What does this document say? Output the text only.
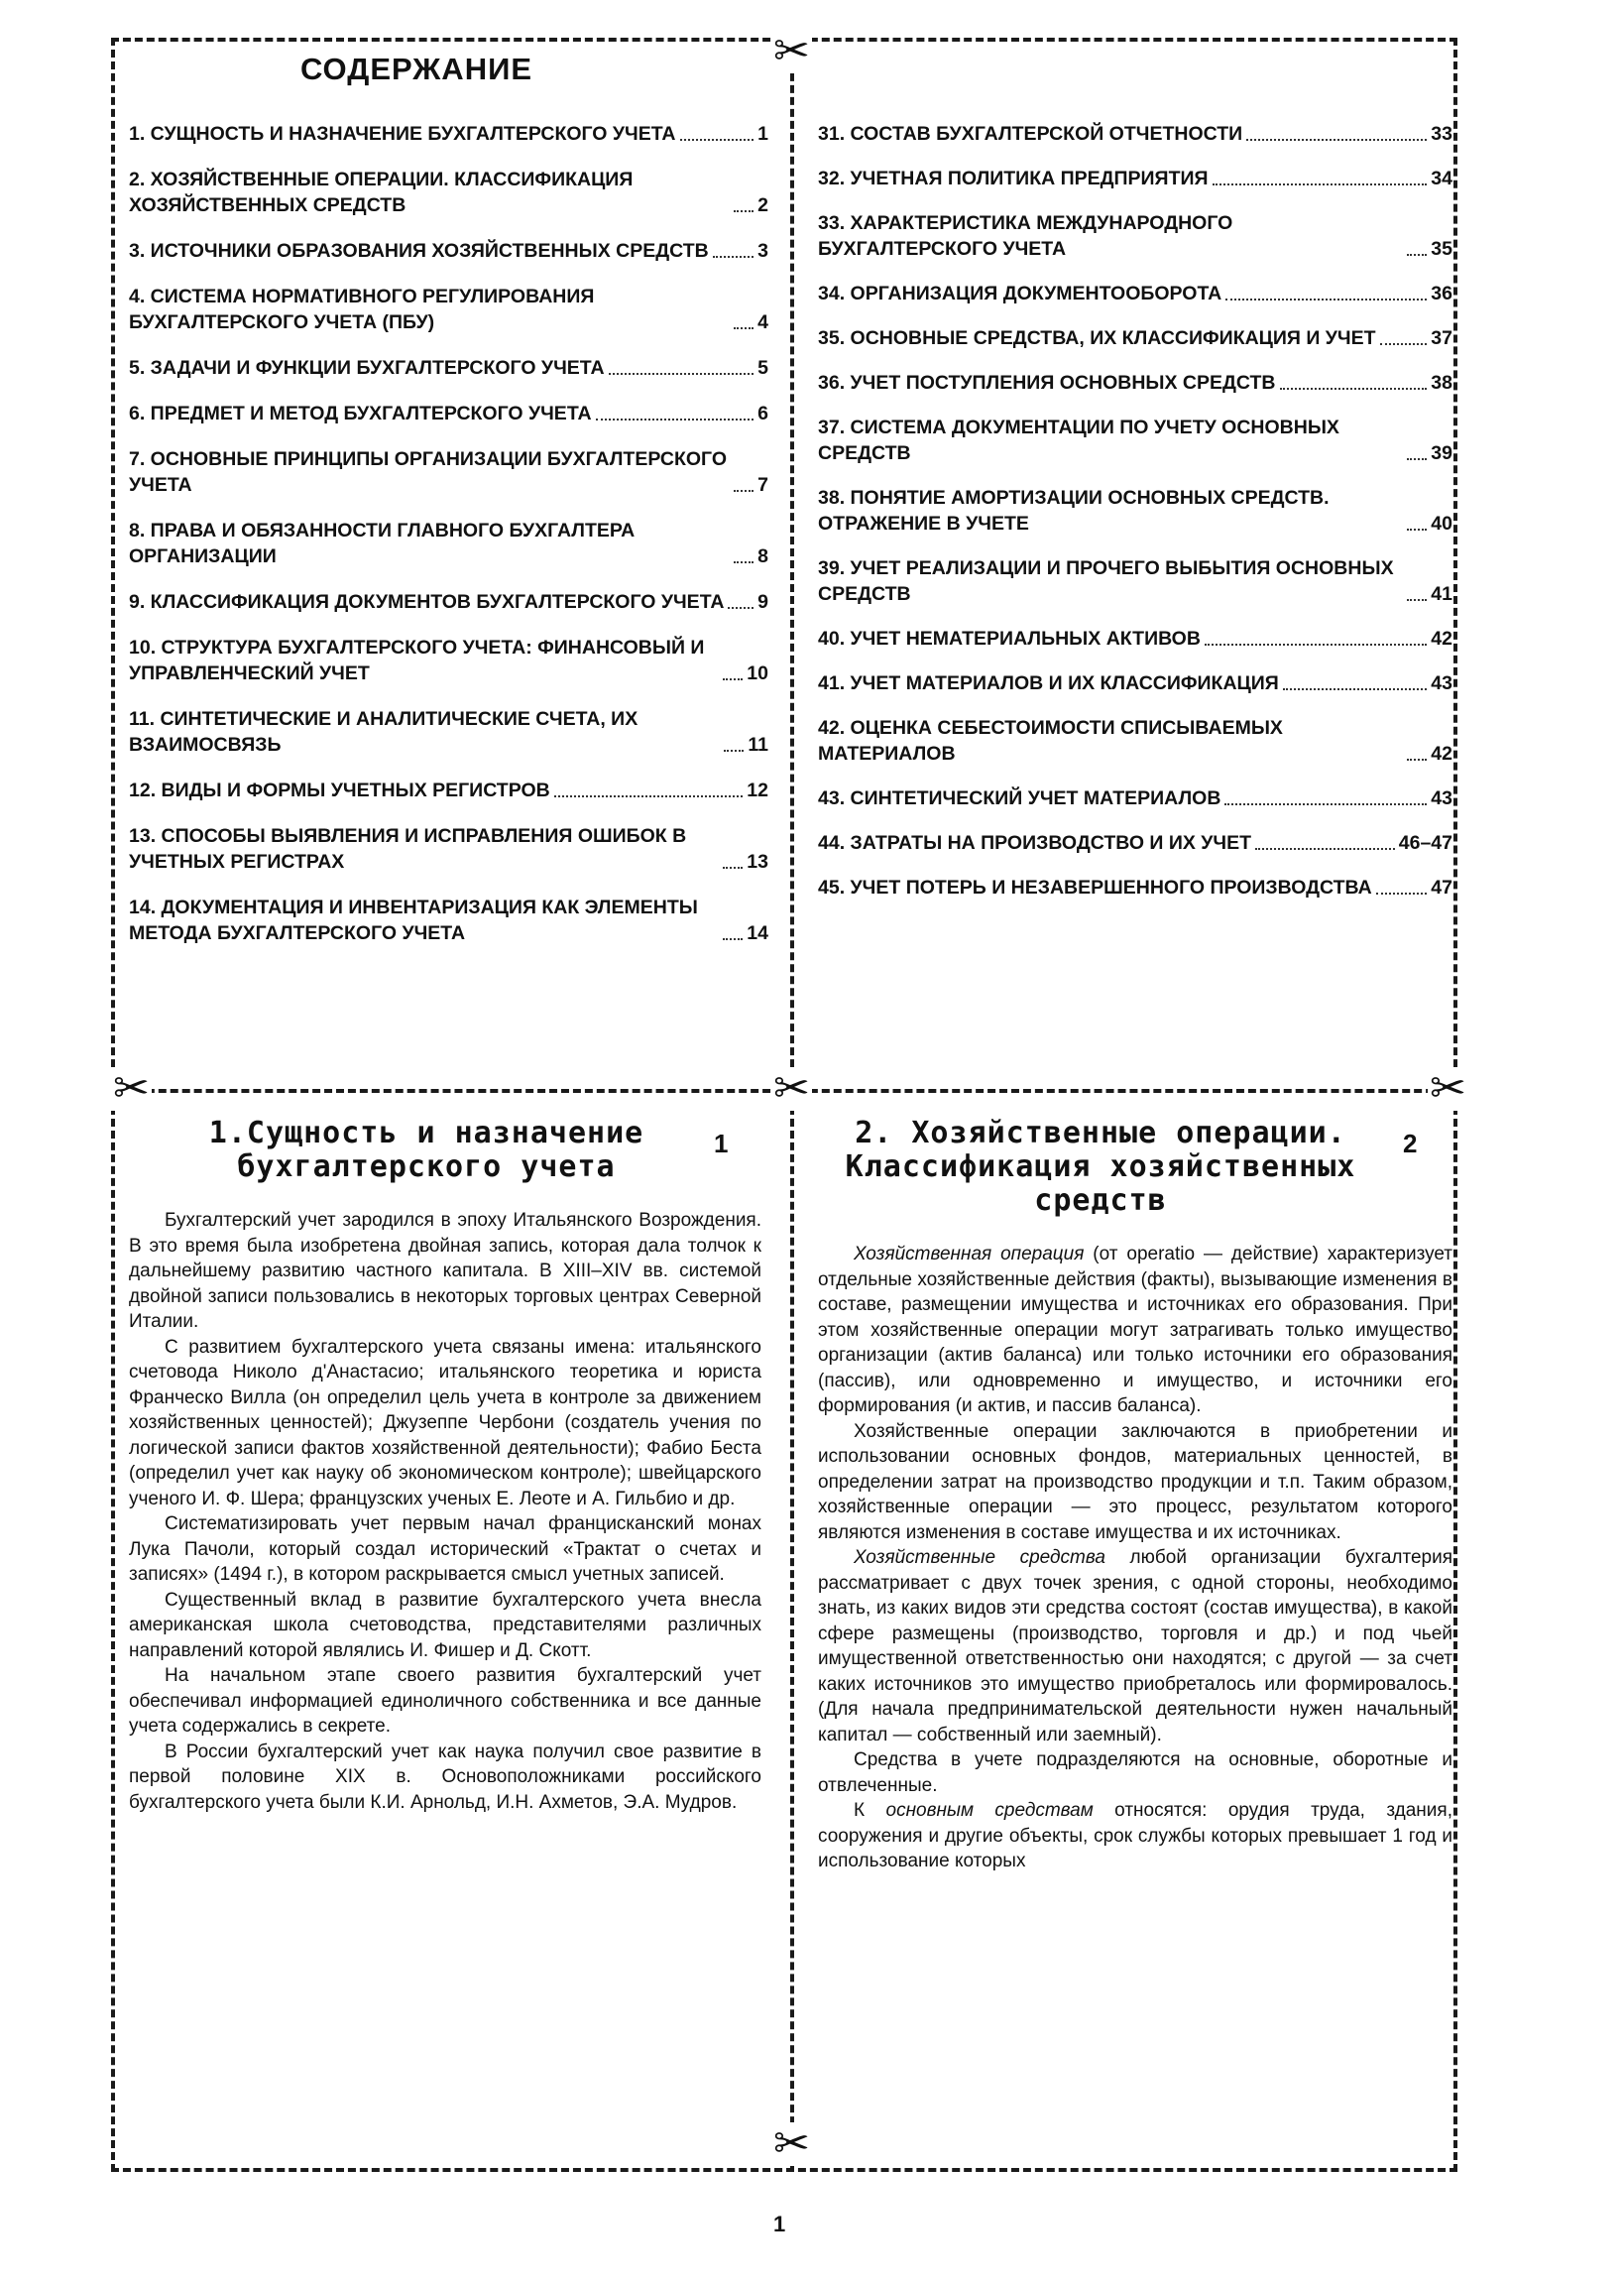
✂
✂	✂	✂
✂
СОДЕРЖАНИЕ
1. СУЩНОСТЬ И НАЗНАЧЕНИЕ БУХГАЛТЕРСКОГО УЧЕТА	1
2. ХОЗЯЙСТВЕННЫЕ ОПЕРАЦИИ. КЛАССИФИКАЦИЯ ХОЗЯЙСТВЕННЫХ СРЕДСТВ	2
3. ИСТОЧНИКИ ОБРАЗОВАНИЯ ХОЗЯЙСТВЕННЫХ СРЕДСТВ	3
4. СИСТЕМА НОРМАТИВНОГО РЕГУЛИРОВАНИЯ БУХГАЛТЕРСКОГО УЧЕТА (ПБУ)	4
5. ЗАДАЧИ И ФУНКЦИИ БУХГАЛТЕРСКОГО УЧЕТА	5
6. ПРЕДМЕТ И МЕТОД БУХГАЛТЕРСКОГО УЧЕТА	6
7. ОСНОВНЫЕ ПРИНЦИПЫ ОРГАНИЗАЦИИ БУХГАЛТЕРСКОГО УЧЕТА	7
8. ПРАВА И ОБЯЗАННОСТИ ГЛАВНОГО БУХГАЛТЕРА ОРГАНИЗАЦИИ	8
9. КЛАССИФИКАЦИЯ ДОКУМЕНТОВ БУХГАЛТЕРСКОГО УЧЕТА 9
10. СТРУКТУРА БУХГАЛТЕРСКОГО УЧЕТА: ФИНАНСОВЫЙ И УПРАВЛЕНЧЕСКИЙ УЧЕТ	10
11. СИНТЕТИЧЕСКИЕ И АНАЛИТИЧЕСКИЕ СЧЕТА, ИХ ВЗАИМОСВЯЗЬ	11
12. ВИДЫ И ФОРМЫ УЧЕТНЫХ РЕГИСТРОВ	12
13. СПОСОБЫ ВЫЯВЛЕНИЯ И ИСПРАВЛЕНИЯ ОШИБОК В УЧЕТНЫХ РЕГИСТРАХ	13
14. ДОКУМЕНТАЦИЯ И ИНВЕНТАРИЗАЦИЯ КАК ЭЛЕМЕНТЫ МЕТОДА БУХГАЛТЕРСКОГО УЧЕТА	14
31. СОСТАВ БУХГАЛТЕРСКОЙ ОТЧЕТНОСТИ	33
32. УЧЕТНАЯ ПОЛИТИКА ПРЕДПРИЯТИЯ	34
33. ХАРАКТЕРИСТИКА МЕЖДУНАРОДНОГО БУХГАЛТЕРСКОГО УЧЕТА	35
34. ОРГАНИЗАЦИЯ ДОКУМЕНТООБОРОТА	36
35. ОСНОВНЫЕ СРЕДСТВА, ИХ КЛАССИФИКАЦИЯ И УЧЕТ	37
36. УЧЕТ ПОСТУПЛЕНИЯ ОСНОВНЫХ СРЕДСТВ	38
37. СИСТЕМА ДОКУМЕНТАЦИИ ПО УЧЕТУ ОСНОВНЫХ СРЕДСТВ	39
38. ПОНЯТИЕ АМОРТИЗАЦИИ ОСНОВНЫХ СРЕДСТВ. ОТРАЖЕНИЕ В УЧЕТЕ	40
39. УЧЕТ РЕАЛИЗАЦИИ И ПРОЧЕГО ВЫБЫТИЯ ОСНОВНЫХ СРЕДСТВ	41
40. УЧЕТ НЕМАТЕРИАЛЬНЫХ АКТИВОВ	42
41. УЧЕТ МАТЕРИАЛОВ И ИХ КЛАССИФИКАЦИЯ	43
42. ОЦЕНКА СЕБЕСТОИМОСТИ СПИСЫВАЕМЫХ МАТЕРИАЛОВ	42
43. СИНТЕТИЧЕСКИЙ УЧЕТ МАТЕРИАЛОВ	43
44. ЗАТРАТЫ НА ПРОИЗВОДСТВО И ИХ УЧЕТ	46–47
45. УЧЕТ ПОТЕРЬ И НЕЗАВЕРШЕННОГО ПРОИЗВОДСТВА	47
1.Сущность и назначение бухгалтерского учета
1

Бухгалтерский учет зародился в эпоху Итальянского Возрождения. В это время была изобретена двойная запись, которая дала толчок к дальнейшему развитию частного капитала. В XIII–XIV вв. системой двойной записи пользовались в некоторых торговых центрах Северной Италии.

С развитием бухгалтерского учета связаны имена: итальянского счетовода Николо д'Анастасио; итальянского теоретика и юриста Франческо Вилла (он определил цель учета в контроле за движением хозяйственных ценностей); Джузеппе Чербони (создатель учения по логической записи фактов хозяйственной деятельности); Фабио Беста (определил учет как науку об экономическом контроле); швейцарского ученого И. Ф. Шера; французских ученых Е. Леоте и А. Гильбио и др.

Систематизировать учет первым начал францисканский монах Лука Пачоли, который создал исторический «Трактат о счетах и записях» (1494 г.), в котором раскрывается смысл учетных записей.

Существенный вклад в развитие бухгалтерского учета внесла американская школа счетоводства, представителями различных направлений которой являлись И. Фишер и Д. Скотт.

На начальном этапе своего развития бухгалтерский учет обеспечивал информацией единоличного собственника и все данные учета содержались в секрете.

В России бухгалтерский учет как наука получил свое развитие в первой половине XIX в. Основоположниками российского бухгалтерского учета были К.И. Арнольд, И.Н. Ахметов, Э.А. Мудров.

2. Хозяйственные операции. Классификация хозяйственных средств
2

Хозяйственная операция (от operatio — действие) характеризует отдельные хозяйственные действия (факты), вызывающие изменения в составе, размещении имущества и источниках его образования. При этом хозяйственные операции могут затрагивать только имущество организации (актив баланса) или только источники его образования (пассив), или одновременно и имущество, и источники его формирования (и актив, и пассив баланса).

Хозяйственные операции заключаются в приобретении и использовании основных фондов, материальных ценностей, в определении затрат на производство продукции и т.п. Таким образом, хозяйственные операции — это процесс, результатом которого являются изменения в составе имущества и их источниках.

Хозяйственные средства любой организации бухгалтерия рассматривает с двух точек зрения, с одной стороны, необходимо знать, из каких видов эти средства состоят (состав имущества), в какой сфере размещены (производство, торговля и др.) и под чьей имущественной ответственностью они находятся; с другой — за счет каких источников это имущество приобреталось или формировалось. (Для начала предпринимательской деятельности нужен начальный капитал — собственный или заемный).

Средства в учете подразделяются на основные, оборотные и отвлеченные.

К основным средствам относятся: орудия труда, здания, сооружения и другие объекты, срок службы которых превышает 1 год и использование которых

1
